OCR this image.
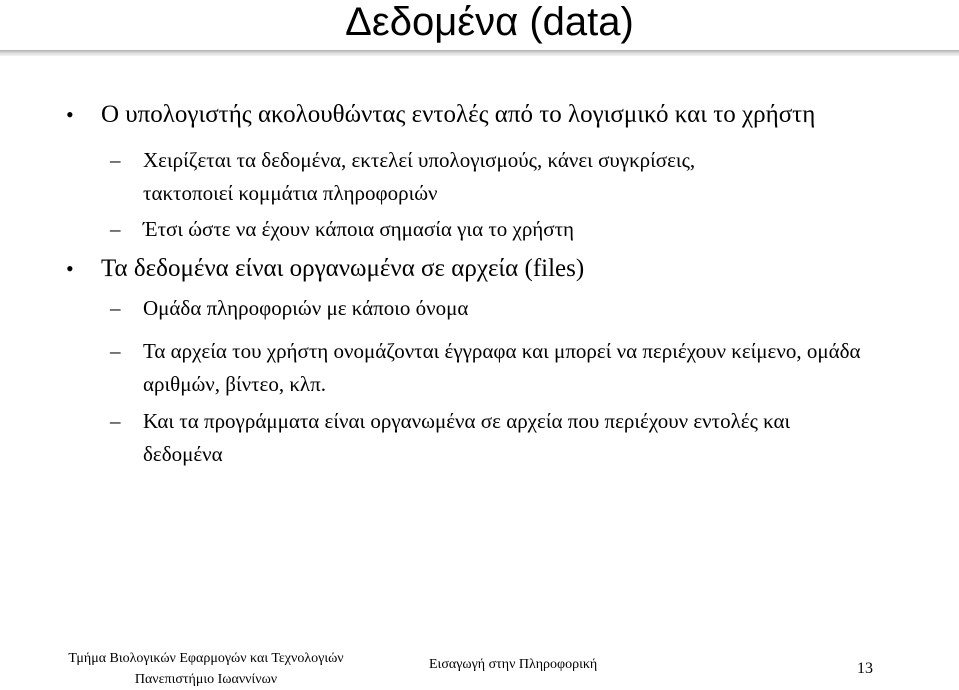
Δεδομένα (data)
• Ο υπολογιστής ακολουθώντας εντολές από το λογισμικό και το χρήστη
– Χειρίζεται τα δεδομένα, εκτελεί υπολογισμούς, κάνει συγκρίσεις, τακτοποιεί κομμάτια πληροφοριών
– Έτσι ώστε να έχουν κάποια σημασία για το χρήστη
• Τα δεδομένα είναι οργανωμένα σε αρχεία (files)
– Ομάδα πληροφοριών με κάποιο όνομα
– Τα αρχεία του χρήστη ονομάζονται έγγραφα και μπορεί να περιέχουν κείμενο, ομάδα αριθμών, βίντεο, κλπ.
– Και τα προγράμματα είναι οργανωμένα σε αρχεία που περιέχουν εντολές και δεδομένα
Τμήμα Βιολογικών Εφαρμογών και Τεχνολογιών
Πανεπιστήμιο Ιωαννίνων
Εισαγωγή στην Πληροφορική	13
